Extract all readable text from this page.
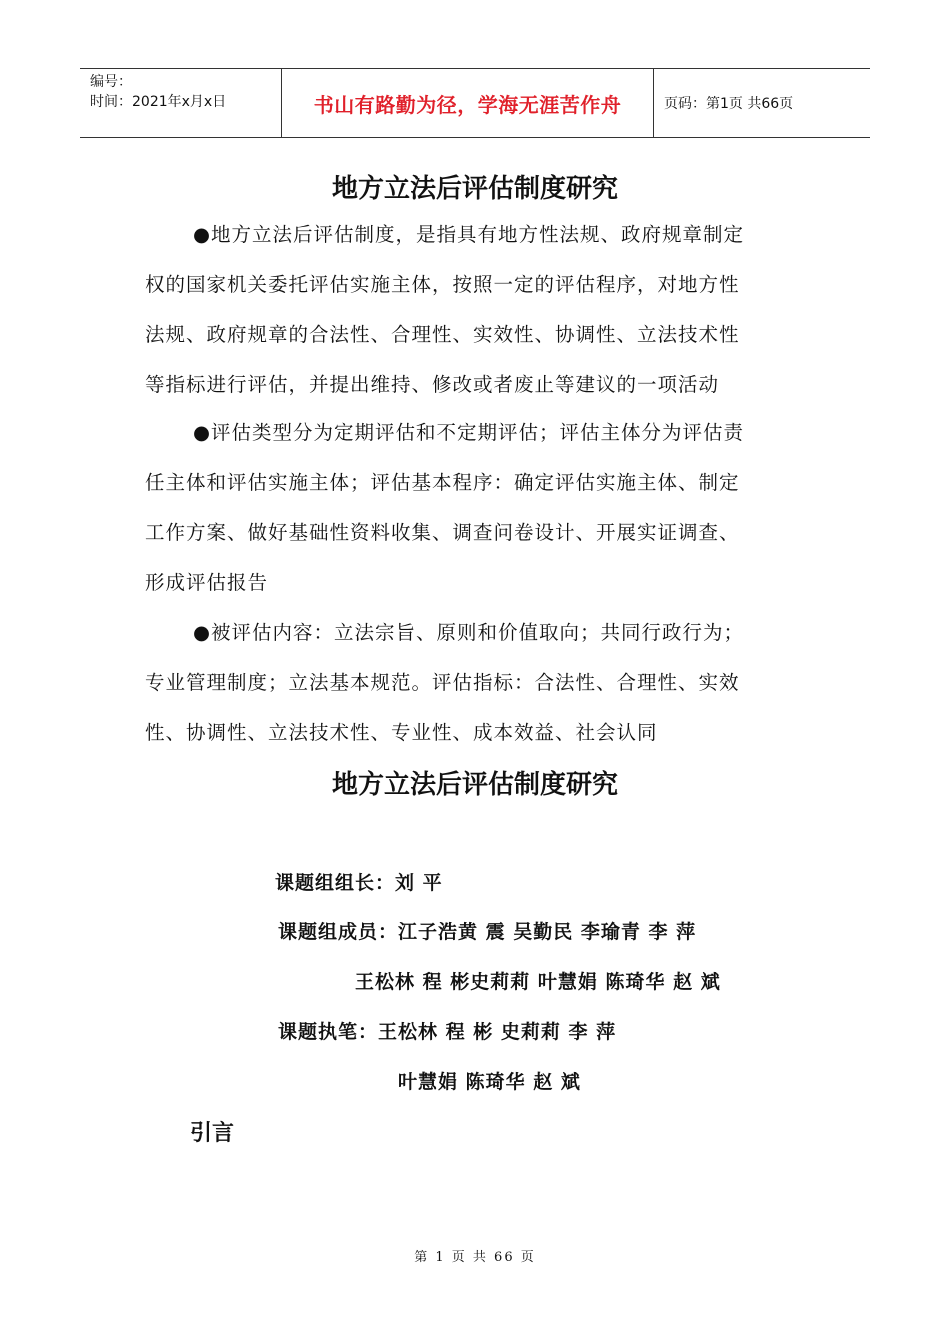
编号：
时间：2021年x月x日	书山有路勤为径，学海无涯苦作舟	页码：第1页 共66页
地方立法后评估制度研究
●地方立法后评估制度，是指具有地方性法规、政府规章制定
权的国家机关委托评估实施主体，按照一定的评估程序，对地方性
法规、政府规章的合法性、合理性、实效性、协调性、立法技术性
等指标进行评估，并提出维持、修改或者废止等建议的一项活动
●评估类型分为定期评估和不定期评估；评估主体分为评估责
任主体和评估实施主体；评估基本程序：确定评估实施主体、制定
工作方案、做好基础性资料收集、调查问卷设计、开展实证调查、
形成评估报告
●被评估内容：立法宗旨、原则和价值取向；共同行政行为；
专业管理制度；立法基本规范。评估指标：合法性、合理性、实效
性、协调性、立法技术性、专业性、成本效益、社会认同
地方立法后评估制度研究
课题组组长：刘 平
课题组成员：江子浩黄 震 吴勤民 李瑜青 李 萍
王松林 程 彬史莉莉 叶慧娟 陈琦华 赵 斌
课题执笔：王松林 程 彬 史莉莉 李 萍
叶慧娟 陈琦华 赵 斌
引言
第 1 页 共 66 页
